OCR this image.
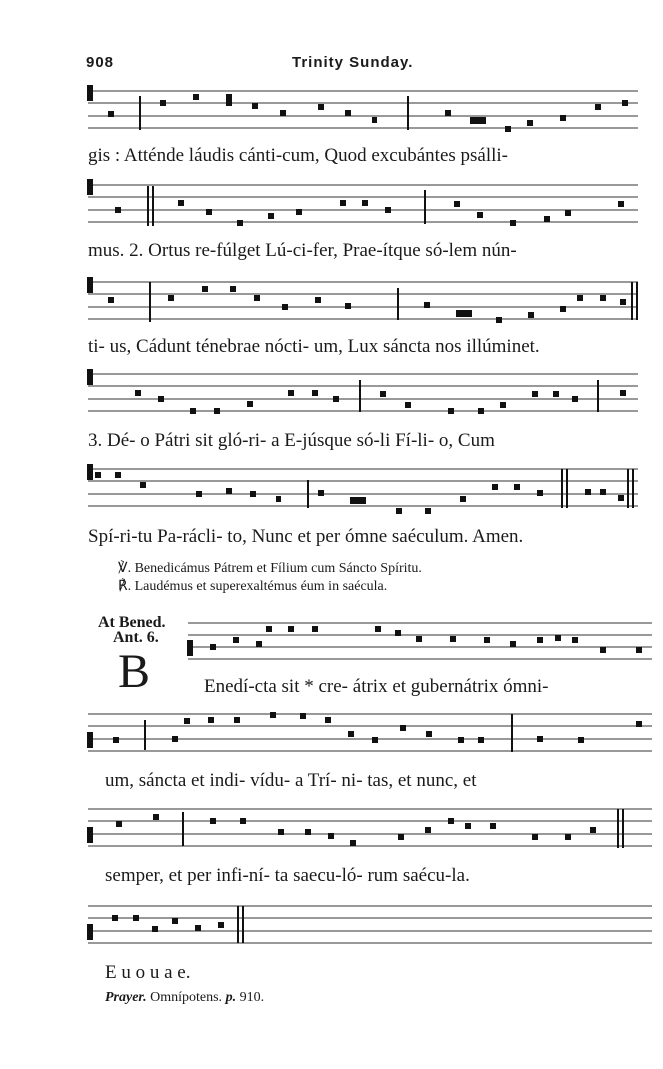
908	Trinity Sunday.
gis : Atténde láudis cánti-cum, Quod excubántes psálli-
mus. 2. Ortus re-fúlget Lú-ci-fer, Prae-ítque só-lem nún-
ti- us, Cádunt ténebrae nócti- um, Lux sáncta nos illúminet.
3. Dé- o Pátri sit gló-ri- a E-júsque só-li Fí-li- o, Cum
Spí-ri-tu Pa-rácli- to, Nunc et per ómne saéculum. Amen.
℣. Benedicámus Pátrem et Fílium cum Sáncto Spíritu.
℟. Laudémus et superexaltémus éum in saécula.
At Bened.
Ant. 6.
B	Enedí-cta sit * cre- átrix et gubernátrix ómni-
um, sáncta et indi- vídu- a Trí- ni- tas, et nunc, et
semper, et per infi-ní- ta saecu-ló- rum saécu-la.
E u o u a e.
Prayer. Omnípotens. p. 910.
